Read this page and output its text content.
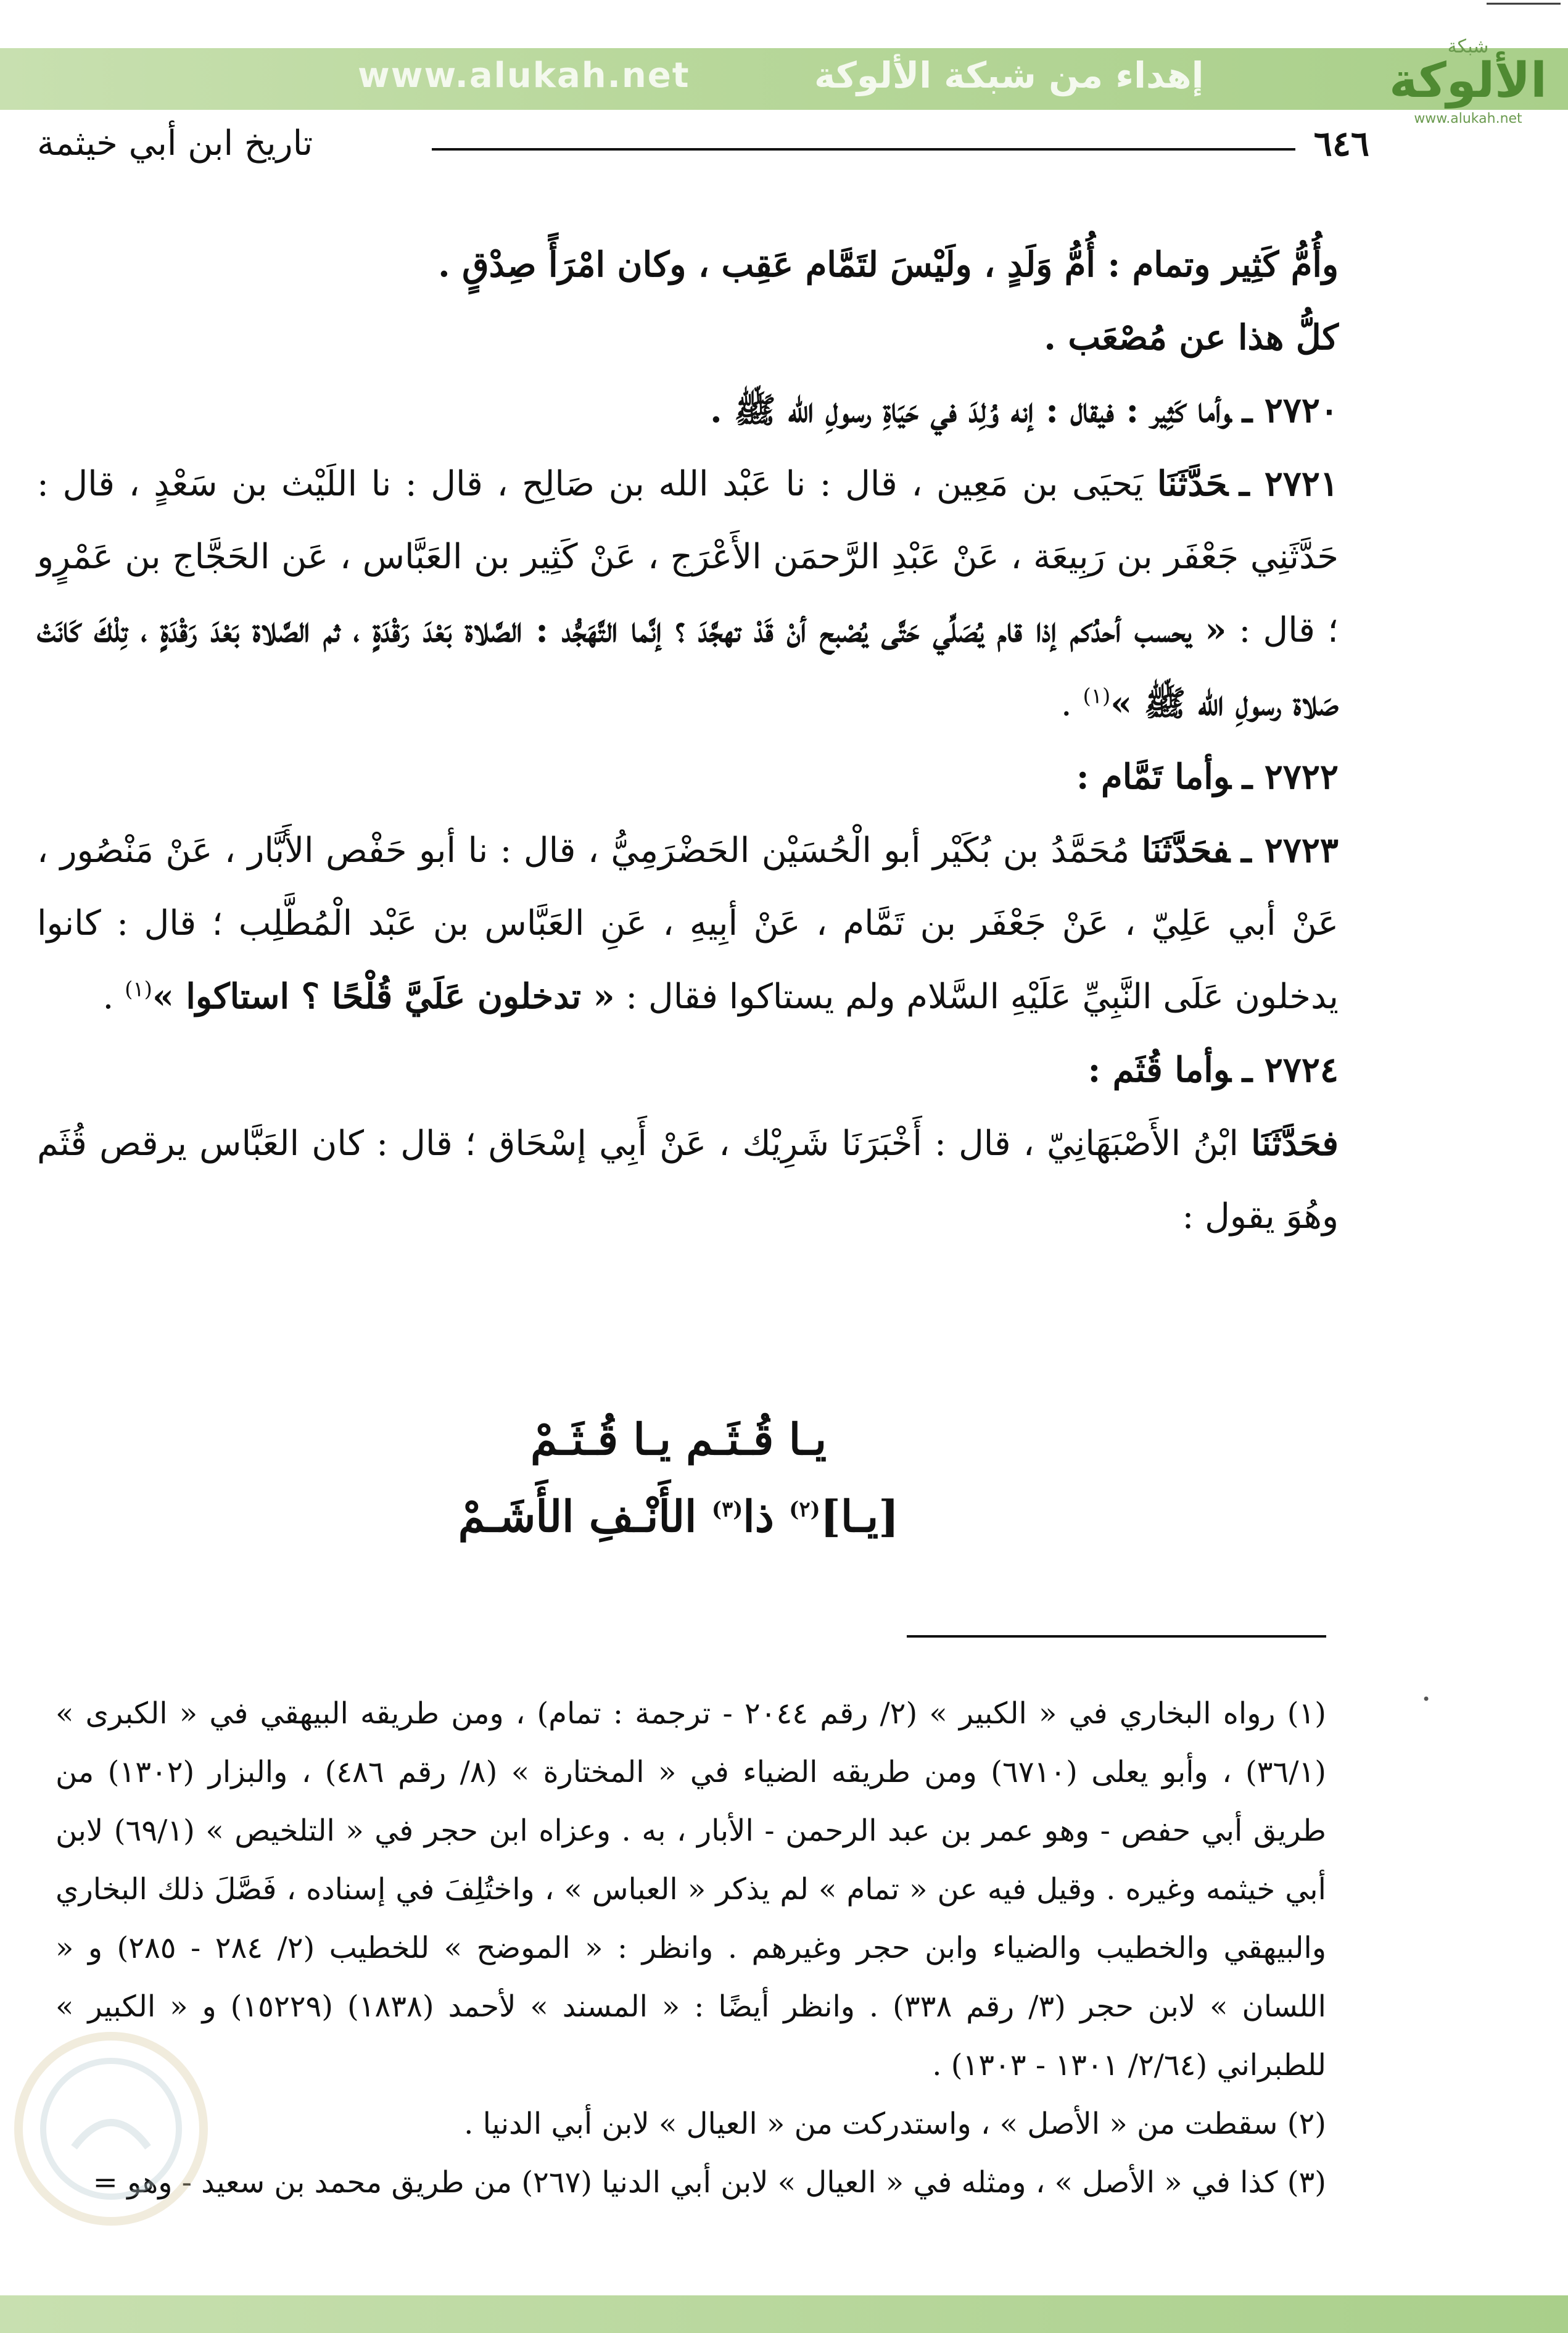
www.alukah.net	إهداء من شبكة الألوكة
شبكة
الألوكة
www.alukah.net
تاريخ ابن أبي خيثمة	٦٤٦

وأُمُّ كَثِير وتمام : أُمُّ وَلَدٍ ، ولَيْسَ لتَمَّام عَقِب ، وكان امْرَأً صِدْقٍ .

كلُّ هذا عن مُصْعَب .

٢٧٢٠ ـوأما كَثِير : فيقال : إنه وُلِدَ في حَيَاةِ رسولِ الله ﷺ .

٢٧٢١ ـحَدَّثَنَا يَحيَى بن مَعِين ، قال : نا عَبْد الله بن صَالِح ، قال : نا اللَيْث بن سَعْدٍ ، قال : حَدَّثَنِي جَعْفَر بن رَبِيعَة ، عَنْ عَبْدِ الرَّحمَن الأَعْرَج ، عَنْ كَثِير بن العَبَّاس ، عَن الحَجَّاج بن عَمْرٍو ؛ قال : « يحسب أحدُكم إذا قام يُصَلِّي حَتَّى يُصْبح أنْ قَدْ تهجَّدَ ؟ إنَّما التَّهَجُّد : الصَّلاة بَعْدَ رَقْدَةٍ ، ثم الصَّلاة بَعْدَ رَقْدَةٍ ، تِلْكَ كَانَتْ صَلاة رسولِ الله ﷺ »$^{(١)}$ .

٢٧٢٢ ـوأما تَمَّام :

٢٧٢٣ ـفحَدَّثَنَا مُحَمَّدُ بن بُكَيْر أبو الْحُسَيْن الحَضْرَمِيُّ ، قال : نا أبو حَفْص الأَبَّار ، عَنْ مَنْصُور ، عَنْ أبي عَلِيّ ، عَنْ جَعْفَر بن تَمَّام ، عَنْ أبِيهِ ، عَنِ العَبَّاس بن عَبْد الْمُطَّلِب ؛ قال : كانوا يدخلون عَلَى النَّبِيِّ عَلَيْهِ السَّلام ولم يستاكوا فقال : « تدخلون عَلَيَّ قُلْحًا ؟ استاكوا »$^{(١)}$ .

٢٧٢٤ ـوأما قُثَم :

فحَدَّثَنَا ابْنُ الأَصْبَهَانِيّ ، قال : أَخْبَرَنَا شَرِيْك ، عَنْ أَبِي إسْحَاق ؛ قال : كان العَبَّاس يرقص قُثَم وهُوَ يقول :

يـا قُـثَـم يـا قُـثَـمْ
[يـا]$^{(٢)}$ ذا$^{(٣)}$ الأَنْـفِ الأَشَـمْ
•

(١) رواه البخاري في « الكبير » (٢/ رقم ٢٠٤٤ - ترجمة : تمام) ، ومن طريقه البيهقي في « الكبرى » (٣٦/١) ، وأبو يعلى (٦٧١٠) ومن طريقه الضياء في « المختارة » (٨/ رقم ٤٨٦) ، والبزار (١٣٠٢) من طريق أبي حفص - وهو عمر بن عبد الرحمن - الأبار ، به . وعزاه ابن حجر في « التلخيص » (٦٩/١) لابن أبي خيثمه وغيره . وقيل فيه عن « تمام » لم يذكر « العباس » ، واختُلِفَ في إسناده ، فَصَّلَ ذلك البخاري والبيهقي والخطيب والضياء وابن حجر وغيرهم . وانظر : « الموضح » للخطيب (٢/ ٢٨٤ - ٢٨٥) و « اللسان » لابن حجر (٣/ رقم ٣٣٨) . وانظر أيضًا : « المسند » لأحمد (١٨٣٨) (١٥٢٢٩) و « الكبير » للطبراني (٢/٦٤/ ١٣٠١ - ١٣٠٣) .

(٢) سقطت من « الأصل » ، واستدركت من « العيال » لابن أبي الدنيا .

(٣) كذا في « الأصل » ، ومثله في « العيال » لابن أبي الدنيا (٢٦٧) من طريق محمد بن سعيد - وهو =
